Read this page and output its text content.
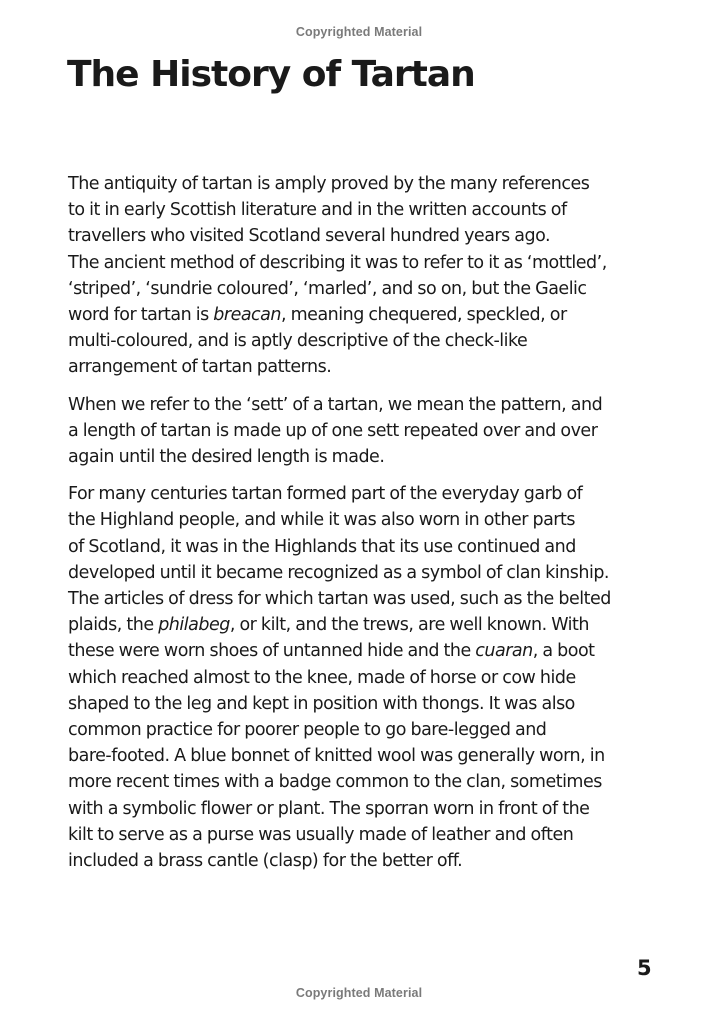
Copyrighted Material
The History of Tartan

The antiquity of tartan is amply proved by the many references
to it in early Scottish literature and in the written accounts of
travellers who visited Scotland several hundred years ago.
The ancient method of describing it was to refer to it as ‘mottled’,
‘striped’, ‘sundrie coloured’, ‘marled’, and so on, but the Gaelic
word for tartan is breacan, meaning chequered, speckled, or
multi-coloured, and is aptly descriptive of the check-like
arrangement of tartan patterns.

When we refer to the ‘sett’ of a tartan, we mean the pattern, and
a length of tartan is made up of one sett repeated over and over
again until the desired length is made.

For many centuries tartan formed part of the everyday garb of
the Highland people, and while it was also worn in other parts
of Scotland, it was in the Highlands that its use continued and
developed until it became recognized as a symbol of clan kinship.
The articles of dress for which tartan was used, such as the belted
plaids, the philabeg, or kilt, and the trews, are well known. With
these were worn shoes of untanned hide and the cuaran, a boot
which reached almost to the knee, made of horse or cow hide
shaped to the leg and kept in position with thongs. It was also
common practice for poorer people to go bare-legged and
bare-footed. A blue bonnet of knitted wool was generally worn, in
more recent times with a badge common to the clan, sometimes
with a symbolic flower or plant. The sporran worn in front of the
kilt to serve as a purse was usually made of leather and often
included a brass cantle (clasp) for the better off.

5
Copyrighted Material
